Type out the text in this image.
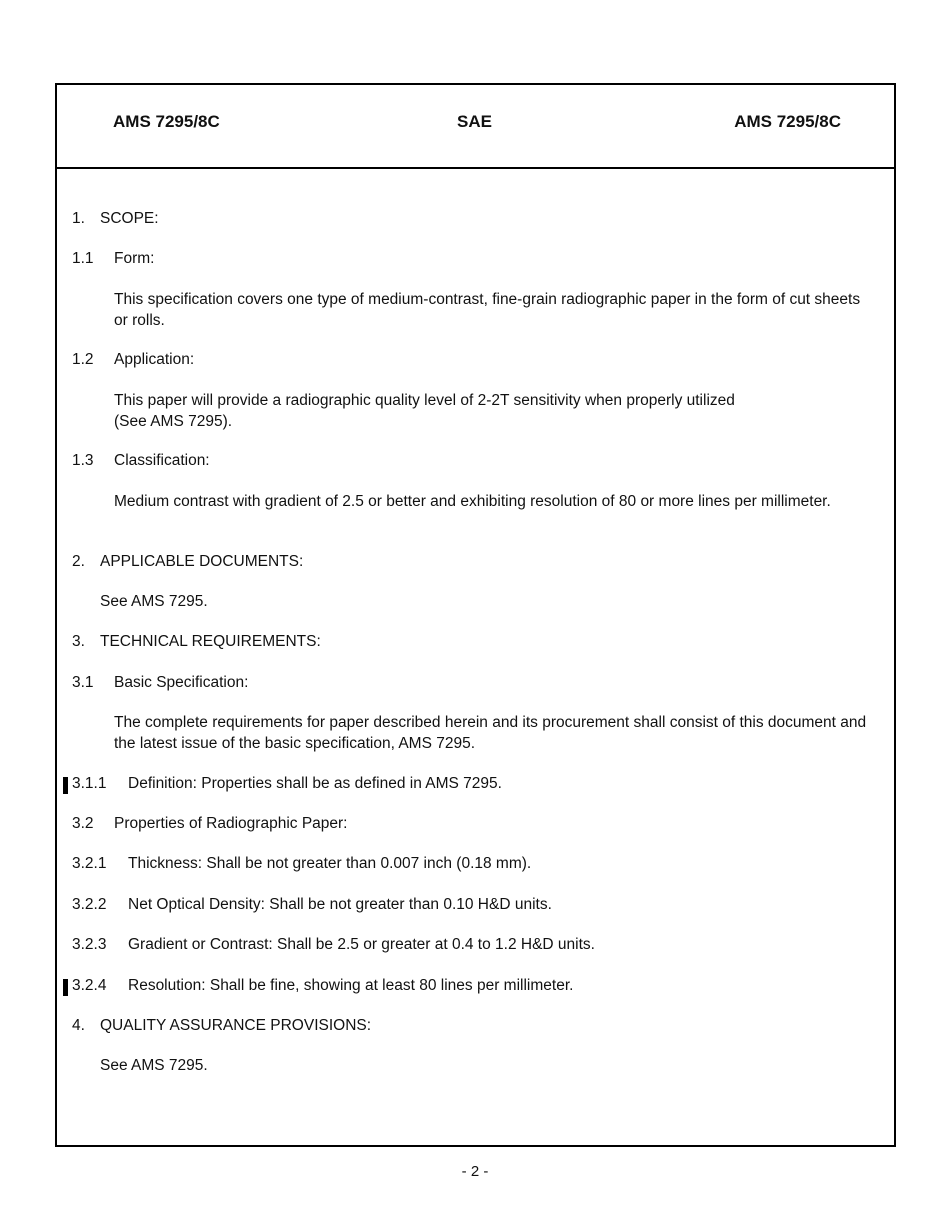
AMS 7295/8C	SAE	AMS 7295/8C
1. SCOPE:
1.1 Form:
This specification covers one type of medium-contrast, fine-grain radiographic paper in the form of cut sheets or rolls.
1.2 Application:
This paper will provide a radiographic quality level of 2-2T sensitivity when properly utilized
(See AMS 7295).
1.3 Classification:
Medium contrast with gradient of 2.5 or better and exhibiting resolution of 80 or more lines per millimeter.
2. APPLICABLE DOCUMENTS:
See AMS 7295.
3. TECHNICAL REQUIREMENTS:
3.1 Basic Specification:
The complete requirements for paper described herein and its procurement shall consist of this document and the latest issue of the basic specification, AMS 7295.
3.1.1 Definition: Properties shall be as defined in AMS 7295.
3.2 Properties of Radiographic Paper:
3.2.1 Thickness: Shall be not greater than 0.007 inch (0.18 mm).
3.2.2 Net Optical Density: Shall be not greater than 0.10 H&D units.
3.2.3 Gradient or Contrast: Shall be 2.5 or greater at 0.4 to 1.2 H&D units.
3.2.4 Resolution: Shall be fine, showing at least 80 lines per millimeter.
4. QUALITY ASSURANCE PROVISIONS:
See AMS 7295.
- 2 -
